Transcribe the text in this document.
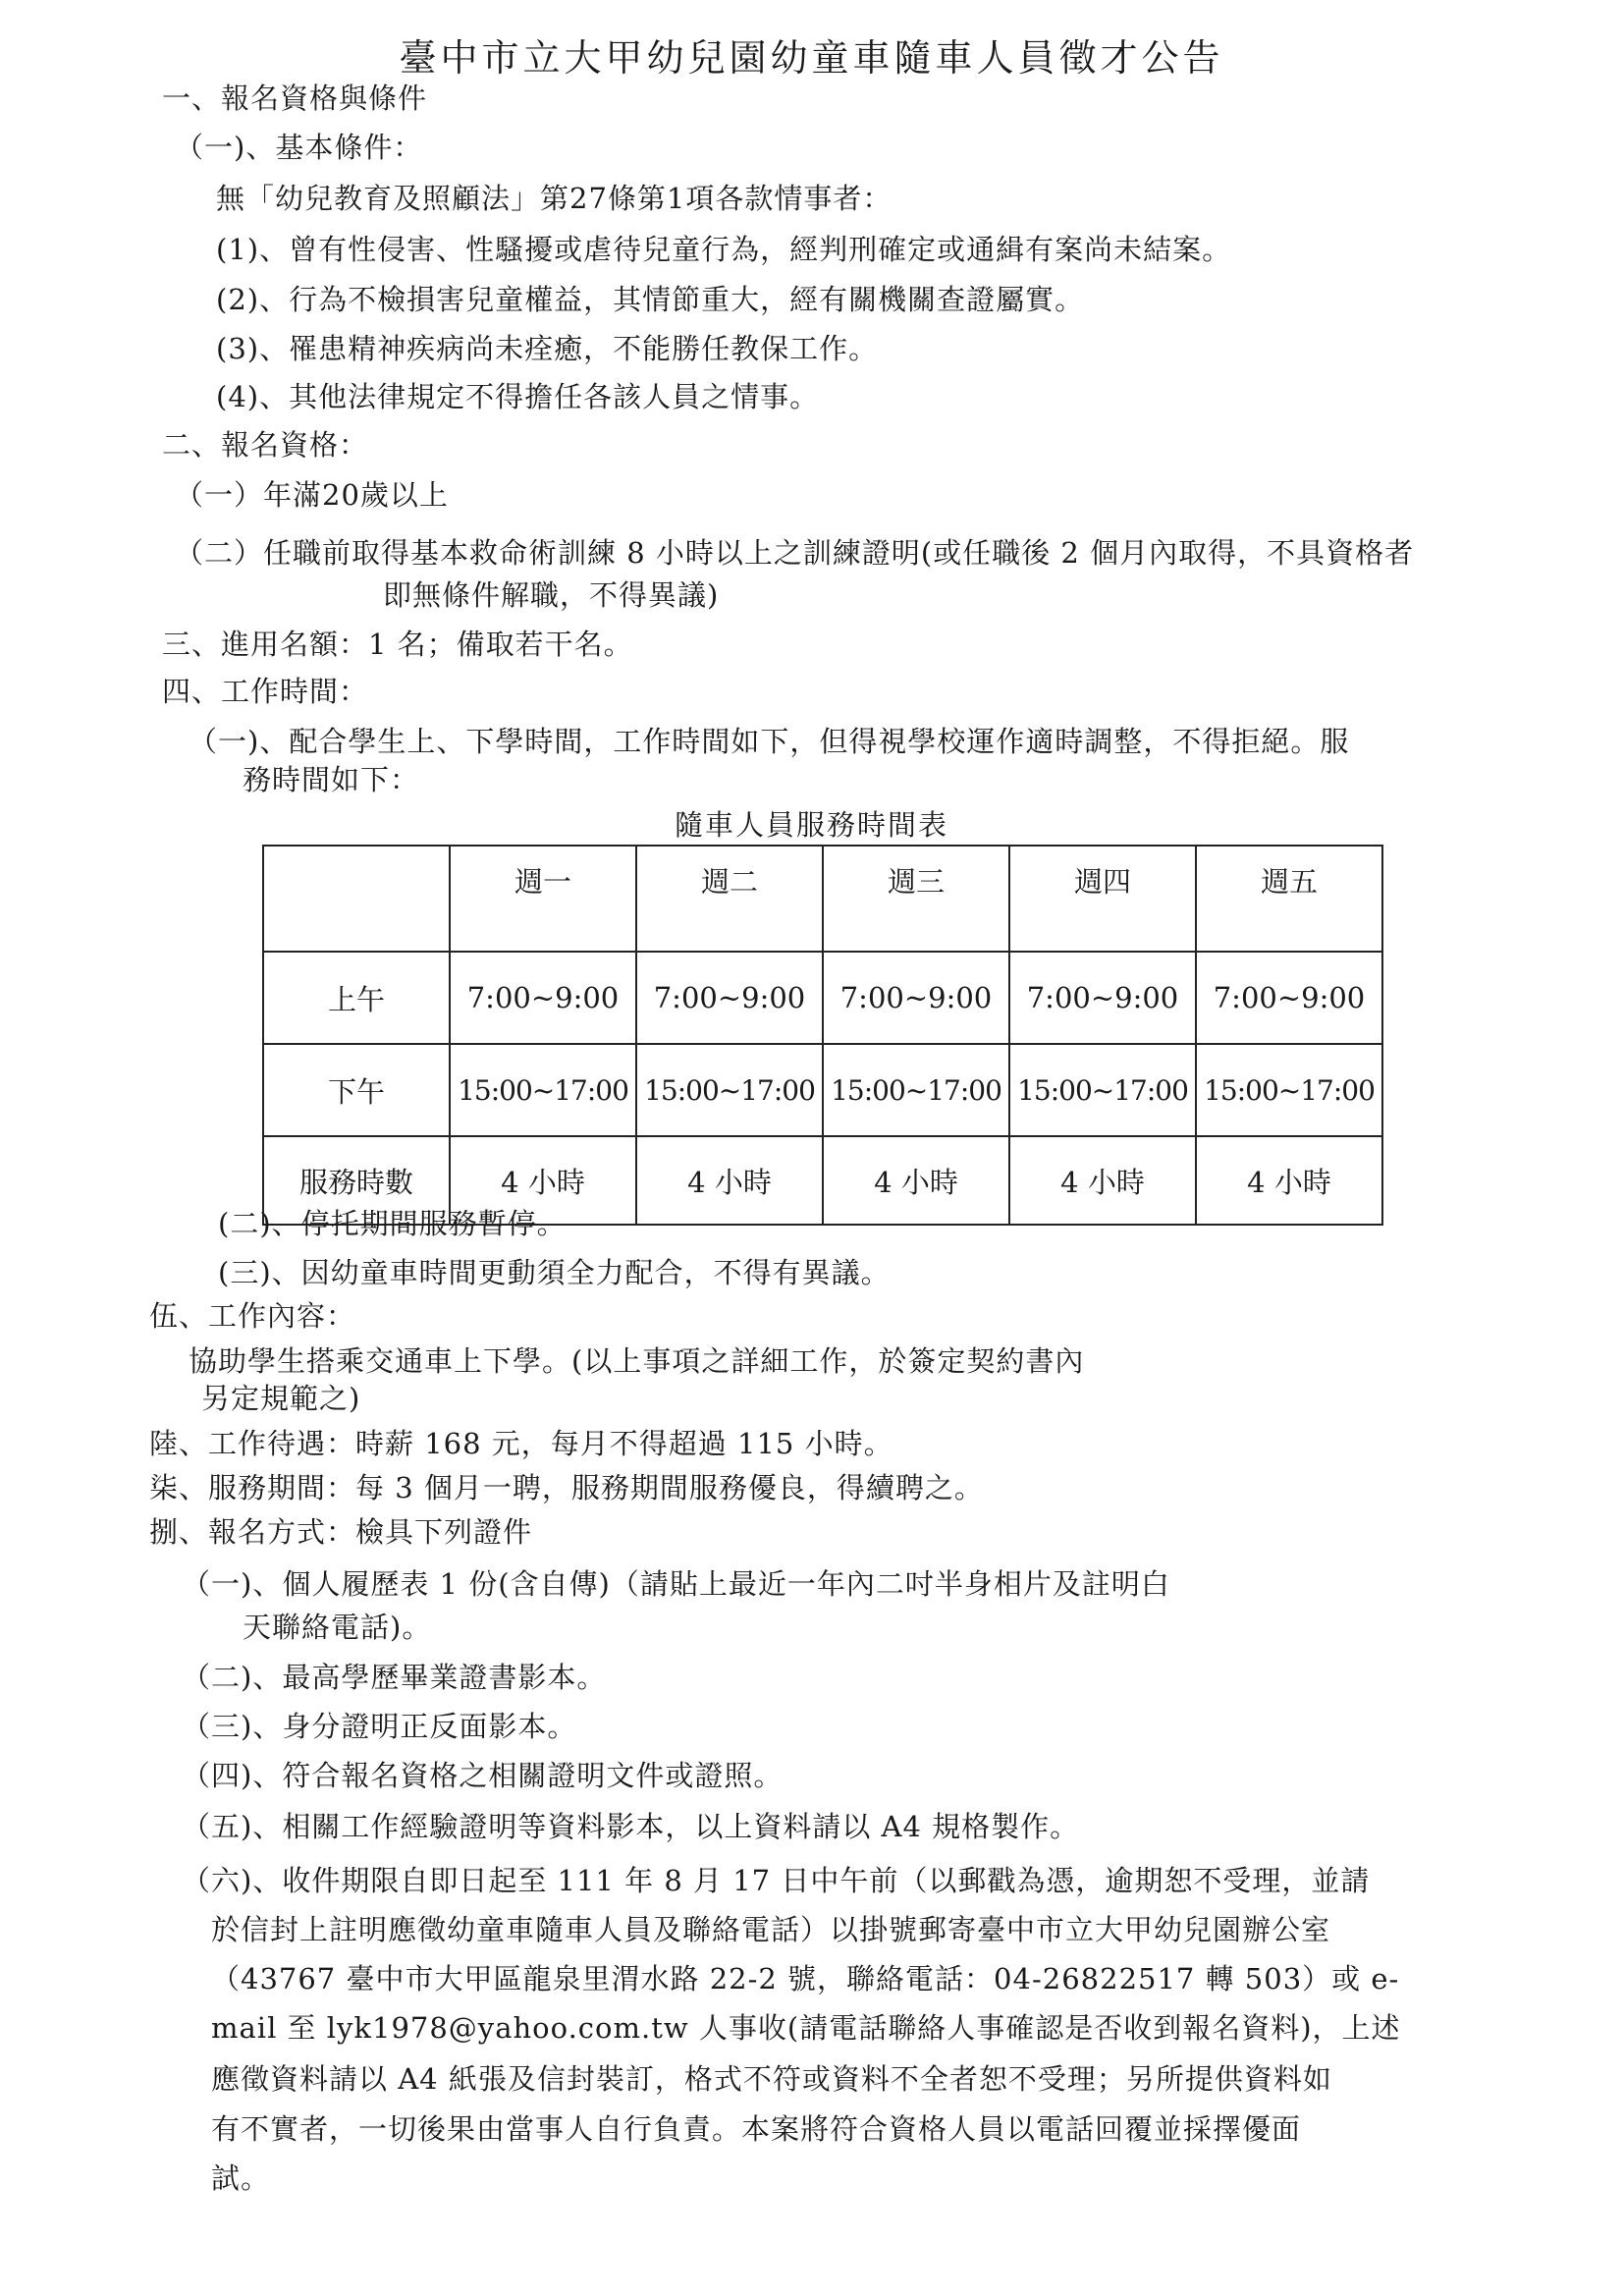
臺中市立大甲幼兒園幼童車隨車人員徵才公告
一、報名資格與條件
（一)、基本條件：
無「幼兒教育及照顧法」第27條第1項各款情事者：
(1)、曾有性侵害、性騷擾或虐待兒童行為，經判刑確定或通緝有案尚未結案。
(2)、行為不檢損害兒童權益，其情節重大，經有關機關查證屬實。
(3)、罹患精神疾病尚未痊癒，不能勝任教保工作。
(4)、其他法律規定不得擔任各該人員之情事。
二、報名資格：
（一）年滿20歲以上
（二）任職前取得基本救命術訓練 8 小時以上之訓練證明(或任職後 2 個月內取得，不具資格者
即無條件解職，不得異議)
三、進用名額：1 名；備取若干名。
四、工作時間：
（一)、配合學生上、下學時間，工作時間如下，但得視學校運作適時調整，不得拒絕。服
務時間如下：
隨車人員服務時間表
	週一	週二	週三	週四	週五
上午	7:00~9:00	7:00~9:00	7:00~9:00	7:00~9:00	7:00~9:00
下午	15:00~17:00	15:00~17:00	15:00~17:00	15:00~17:00	15:00~17:00
服務時數	4 小時	4 小時	4 小時	4 小時	4 小時
(二)、停托期間服務暫停。
(三)、因幼童車時間更動須全力配合，不得有異議。
伍、工作內容：
協助學生搭乘交通車上下學。(以上事項之詳細工作，於簽定契約書內
另定規範之)
陸、工作待遇：時薪 168 元，每月不得超過 115 小時。
柒、服務期間：每 3 個月一聘，服務期間服務優良，得續聘之。
捌、報名方式：檢具下列證件
（一)、個人履歷表 1 份(含自傳)（請貼上最近一年內二吋半身相片及註明白
天聯絡電話)。
（二)、最高學歷畢業證書影本。
（三)、身分證明正反面影本。
（四)、符合報名資格之相關證明文件或證照。
（五)、相關工作經驗證明等資料影本，以上資料請以 A4 規格製作。
（六)、收件期限自即日起至 111 年 8 月 17 日中午前（以郵戳為憑，逾期恕不受理，並請
於信封上註明應徵幼童車隨車人員及聯絡電話）以掛號郵寄臺中市立大甲幼兒園辦公室
（43767 臺中市大甲區龍泉里渭水路 22-2 號，聯絡電話：04-26822517 轉 503）或 e-
mail 至 lyk1978@yahoo.com.tw 人事收(請電話聯絡人事確認是否收到報名資料)，上述
應徵資料請以 A4 紙張及信封裝訂，格式不符或資料不全者恕不受理；另所提供資料如
有不實者，一切後果由當事人自行負責。本案將符合資格人員以電話回覆並採擇優面
試。
